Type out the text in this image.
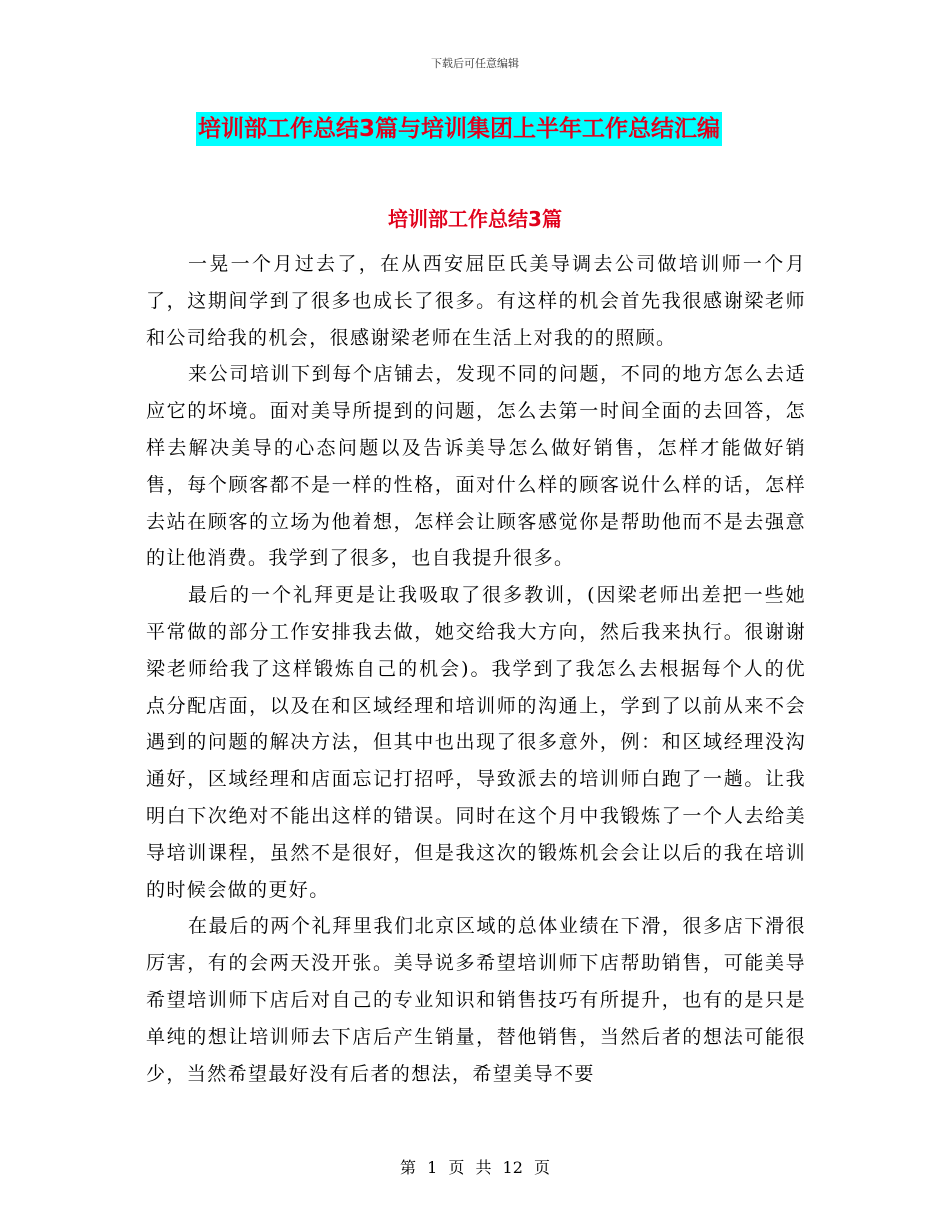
下载后可任意编辑
培训部工作总结3篇与培训集团上半年工作总结汇编
培训部工作总结3篇

一晃一个月过去了，在从西安屈臣氏美导调去公司做培训师一个月了，这期间学到了很多也成长了很多。有这样的机会首先我很感谢梁老师和公司给我的机会，很感谢梁老师在生活上对我的的照顾。

来公司培训下到每个店铺去，发现不同的问题，不同的地方怎么去适应它的坏境。面对美导所提到的问题，怎么去第一时间全面的去回答，怎样去解决美导的心态问题以及告诉美导怎么做好销售，怎样才能做好销售，每个顾客都不是一样的性格，面对什么样的顾客说什么样的话，怎样去站在顾客的立场为他着想，怎样会让顾客感觉你是帮助他而不是去强意的让他消费。我学到了很多，也自我提升很多。

最后的一个礼拜更是让我吸取了很多教训，(因梁老师出差把一些她平常做的部分工作安排我去做，她交给我大方向，然后我来执行。很谢谢梁老师给我了这样锻炼自己的机会)。我学到了我怎么去根据每个人的优点分配店面，以及在和区域经理和培训师的沟通上，学到了以前从来不会遇到的问题的解决方法，但其中也出现了很多意外，例：和区域经理没沟通好，区域经理和店面忘记打招呼，导致派去的培训师白跑了一趟。让我明白下次绝对不能出这样的错误。同时在这个月中我锻炼了一个人去给美导培训课程，虽然不是很好，但是我这次的锻炼机会会让以后的我在培训的时候会做的更好。

在最后的两个礼拜里我们北京区域的总体业绩在下滑，很多店下滑很厉害，有的会两天没开张。美导说多希望培训师下店帮助销售，可能美导希望培训师下店后对自己的专业知识和销售技巧有所提升，也有的是只是单纯的想让培训师去下店后产生销量，替他销售，当然后者的想法可能很少，当然希望最好没有后者的想法，希望美导不要

第 1 页 共 12 页
